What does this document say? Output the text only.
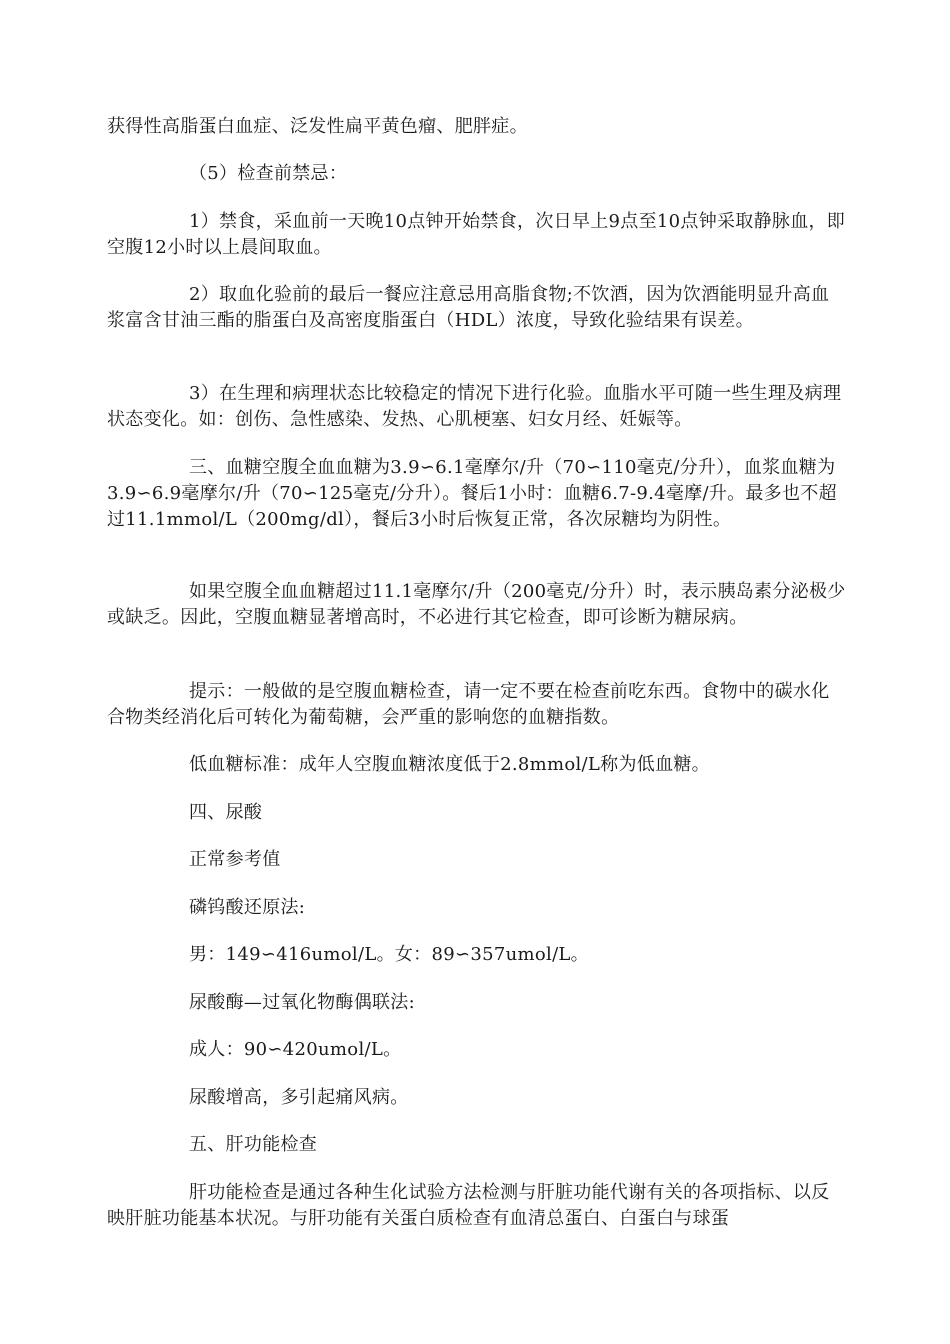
获得性高脂蛋白血症、泛发性扁平黄色瘤、肥胖症。

（5）检查前禁忌：

1）禁食，采血前一天晚10点钟开始禁食，次日早上9点至10点钟采取静脉血，即空腹12小时以上晨间取血。

2）取血化验前的最后一餐应注意忌用高脂食物;不饮酒，因为饮酒能明显升高血浆富含甘油三酯的脂蛋白及高密度脂蛋白（HDL）浓度，导致化验结果有误差。

3）在生理和病理状态比较稳定的情况下进行化验。血脂水平可随一些生理及病理状态变化。如：创伤、急性感染、发热、心肌梗塞、妇女月经、妊娠等。

三、血糖空腹全血血糖为3.9∽6.1毫摩尔/升（70∽110毫克/分升），血浆血糖为3.9∽6.9毫摩尔/升（70∽125毫克/分升）。餐后1小时：血糖6.7-9.4毫摩/升。最多也不超过11.1mmol/L（200mg/dl），餐后3小时后恢复正常，各次尿糖均为阴性。

如果空腹全血血糖超过11.1毫摩尔/升（200毫克/分升）时，表示胰岛素分泌极少或缺乏。因此，空腹血糖显著增高时，不必进行其它检查，即可诊断为糖尿病。

提示：一般做的是空腹血糖检查，请一定不要在检查前吃东西。食物中的碳水化合物类经消化后可转化为葡萄糖，会严重的影响您的血糖指数。

低血糖标准：成年人空腹血糖浓度低于2.8mmol/L称为低血糖。

四、尿酸

正常参考值

磷钨酸还原法:

男：149∽416umol/L。女：89∽357umol/L。

尿酸酶—过氧化物酶偶联法:

成人：90∽420umol/L。

尿酸增高，多引起痛风病。

五、肝功能检查

肝功能检查是通过各种生化试验方法检测与肝脏功能代谢有关的各项指标、以反映肝脏功能基本状况。与肝功能有关蛋白质检查有血清总蛋白、白蛋白与球蛋
